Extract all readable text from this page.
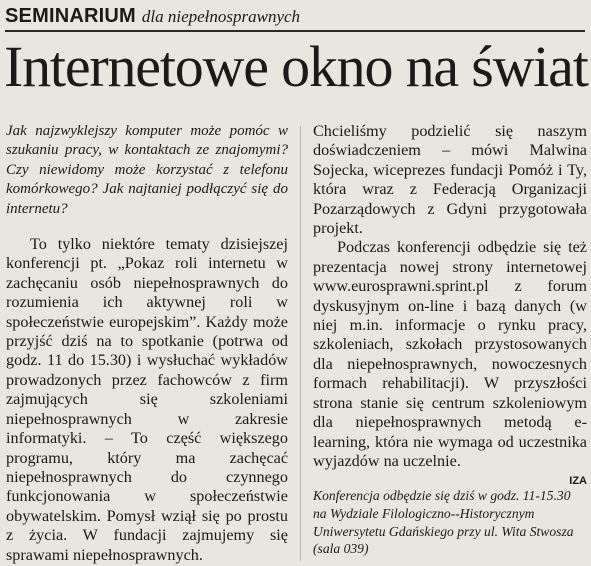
SEMINARIUM dla niepełnosprawnych
Internetowe okno na świat

Jak najzwyklejszy komputer może pomóc w szukaniu pracy, w kontaktach ze znajomymi? Czy niewidomy może korzystać z telefonu komórkowego? Jak najtaniej podłączyć się do internetu?

To tylko niektóre tematy dzisiejszej konferencji pt. „Pokaz roli internetu w zachęcaniu osób niepełnosprawnych do rozumienia ich aktywnej roli w społeczeństwie europejskim”. Każdy może przyjść dziś na to spotkanie (potrwa od godz. 11 do 15.30) i wysłuchać wykładów prowadzonych przez fachowców z firm zajmujących się szkoleniami niepełnosprawnych w zakresie informatyki. – To część większego programu, który ma zachęcać niepełnosprawnych do czynnego funkcjonowania w społeczeństwie obywatelskim. Pomysł wziął się po prostu z życia. W fundacji zajmujemy się sprawami niepełnosprawnych.

Chcieliśmy podzielić się naszym doświadczeniem – mówi Malwina Sojecka, wiceprezes fundacji Pomóż i Ty, która wraz z Federacją Organizacji Pozarządowych z Gdyni przygotowała projekt.

Podczas konferencji odbędzie się też prezentacja nowej strony internetowej www.eurosprawni.sprint.pl z forum dyskusyjnym on-line i bazą danych (w niej m.in. informacje o rynku pracy, szkoleniach, szkołach przystosowanych dla niepełnosprawnych, nowoczesnych formach rehabilitacji). W przyszłości strona stanie się centrum szkoleniowym dla niepełnosprawnych metodą e-learning, która nie wymaga od uczestnika wyjazdów na uczelnie.

IZA

Konferencja odbędzie się dziś w godz. 11-15.30 na Wydziale Filologiczno--Historycznym Uniwersytetu Gdańskiego przy ul. Wita Stwosza (sala 039)
